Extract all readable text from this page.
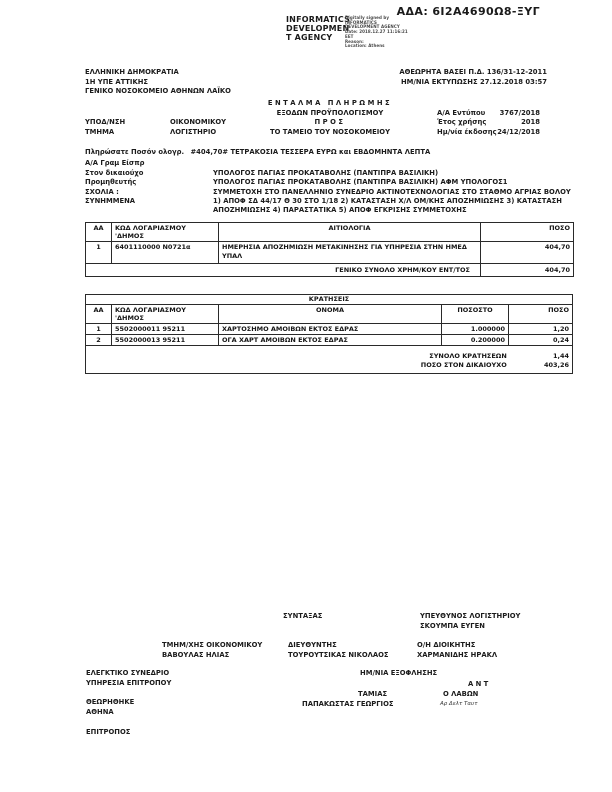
ΑΔΑ: 6Ι2Α4690Ω8-ΞΥΓ
INFORMATICS
DEVELOPMEN
T AGENCY
Digitally signed by
INFORMATICS
DEVELOPMENT AGENCY
Date: 2018.12.27 11:16:21
EET
Reason:
Location: Athens
ΕΛΛΗΝΙΚΗ ΔΗΜΟΚΡΑΤΙΑ
1Η ΥΠΕ ΑΤΤΙΚΗΣ
ΓΕΝΙΚΟ ΝΟΣΟΚΟΜΕΙΟ ΑΘΗΝΩΝ ΛΑΪΚΟ
ΑΘΕΩΡΗΤΑ ΒΑΣΕΙ Π.Δ. 136/31-12-2011
ΗΜ/ΝΙΑ ΕΚΤΥΠΩΣΗΣ 27.12.2018 03:57
ΕΝΤΑΛΜΑ ΠΛΗΡΩΜΗΣ
ΕΞΟΔΩΝ ΠΡΟΫΠΟΛΟΓΙΣΜΟΥ
ΠΡΟΣ
ΤΟ ΤΑΜΕΙΟ ΤΟΥ ΝΟΣΟΚΟΜΕΙΟΥ
ΥΠΟΔ/ΝΣΗ	ΟΙΚΟΝΟΜΙΚΟΥ
ΤΜΗΜΑ	ΛΟΓΙΣΤΗΡΙΟ
Α/Α Εντύπου	3767/2018
Έτος χρήσης	2018
Ημ/νία έκδοσης 24/12/2018
Πληρώσατε Ποσόν ολογρ. #404,70# ΤΕΤΡΑΚΟΣΙΑ ΤΕΣΣΕΡΑ ΕΥΡΩ και ΕΒΔΟΜΗΝΤΑ ΛΕΠΤΑ
Α/Α Γραμ Είσπρ
Στον δικαιούχο	ΥΠΟΛΟΓΟΣ ΠΑΓΙΑΣ ΠΡΟΚΑΤΑΒΟΛΗΣ (ΠΑΝΤΙΠΡΑ ΒΑΣΙΛΙΚΗ)
Προμηθευτής	ΥΠΟΛΟΓΟΣ ΠΑΓΙΑΣ ΠΡΟΚΑΤΑΒΟΛΗΣ (ΠΑΝΤΙΠΡΑ ΒΑΣΙΛΙΚΗ) ΑΦΜ ΥΠΟΛΟΓΟΣ1
ΣΧΟΛΙΑ :	ΣΥΜΜΕΤΟΧΗ ΣΤΟ ΠΑΝΕΛΛΗΝΙΟ ΣΥΝΕΔΡΙΟ ΑΚΤΙΝΟΤΕΧΝΟΛΟΓΙΑΣ ΣΤΟ ΣΤΑΘΜΟ ΑΓΡΙΑΣ ΒΟΛΟΥ
ΣΥΝΗΜΜΕΝΑ	1) ΑΠΟΦ ΣΔ 44/17 Θ 30 ΣΤΟ 1/18 2) ΚΑΤΑΣΤΑΣΗ Χ/Λ ΟΜ/ΚΗΣ ΑΠΟΖΗΜΙΩΣΗΣ 3) ΚΑΤΑΣΤΑΣΗ ΑΠΟΖΗΜΙΩΣΗΣ 4) ΠΑΡΑΣΤΑΤΙΚΑ 5) ΑΠΟΦ ΕΓΚΡΙΣΗΣ ΣΥΜΜΕΤΟΧΗΣ
ΑΑ	ΚΩΔ ΛΟΓΑΡΙΑΣΜΟΥ
'ΔΗΜΟΣ	ΑΙΤΙΟΛΟΓΙΑ	ΠΟΣΟ
1	6401110000 Ν0721α	ΗΜΕΡΗΣΙΑ ΑΠΟΖΗΜΙΩΣΗ ΜΕΤΑΚΙΝΗΣΗΣ ΓΙΑ ΥΠΗΡΕΣΙΑ ΣΤΗΝ ΗΜΕΔ ΥΠΑΛ	404,70
ΓΕΝΙΚΟ ΣΥΝΟΛΟ ΧΡΗΜ/ΚΟΥ ΕΝΤ/ΤΟΣ			404,70
ΚΡΑΤΗΣΕΙΣ				
ΑΑ	ΚΩΔ ΛΟΓΑΡΙΑΣΜΟΥ
'ΔΗΜΟΣ	ΟΝΟΜΑ	ΠΟΣΟΣΤΟ	ΠΟΣΟ
1	5502000011 95211	ΧΑΡΤΟΣΗΜΟ ΑΜΟΙΒΩΝ ΕΚΤΟΣ ΕΔΡΑΣ	1.000000	1,20
2	5502000013 95211	ΟΓΑ ΧΑΡΤ ΑΜΟΙΒΩΝ ΕΚΤΟΣ ΕΔΡΑΣ	0.200000	0,24

ΣΥΝΟΛΟ ΚΡΑΤΗΣΕΩΝ 1,44
ΠΟΣΟ ΣΤΟΝ ΔΙΚΑΙΟΥΧΟ 403,26				
ΣΥΝΤΑΞΑΣ	ΥΠΕΥΘΥΝΟΣ ΛΟΓΙΣΤΗΡΙΟΥ
ΣΚΟΥΜΠΑ ΕΥΓΕΝ
ΤΜΗΜ/ΧΗΣ ΟΙΚΟΝΟΜΙΚΟΥ
ΒΑΒΟΥΛΑΣ ΗΛΙΑΣ
ΔΙΕΥΘΥΝΤΗΣ
ΤΟΥΡΟΥΤΣΙΚΑΣ ΝΙΚΟΛΑΟΣ
Ο/Η ΔΙΟΙΚΗΤΗΣ
ΧΑΡΜΑΝΙΔΗΣ ΗΡΑΚΛ
ΕΛΕΓΚΤΙΚΟ ΣΥΝΕΔΡΙΟ
ΥΠΗΡΕΣΙΑ ΕΠΙΤΡΟΠΟΥ
ΗΜ/ΝΙΑ ΕΞΟΦΛΗΣΗΣ
Α Ν Τ
ΤΑΜΙΑΣ	Ο ΛΑΒΩΝ
ΠΑΠΑΚΩΣΤΑΣ ΓΕΩΡΓΙΟΣ	Αρ Δελτ Ταυτ
ΘΕΩΡΗΘΗΚΕ
ΑΘΗΝΑ
ΕΠΙΤΡΟΠΟΣ
